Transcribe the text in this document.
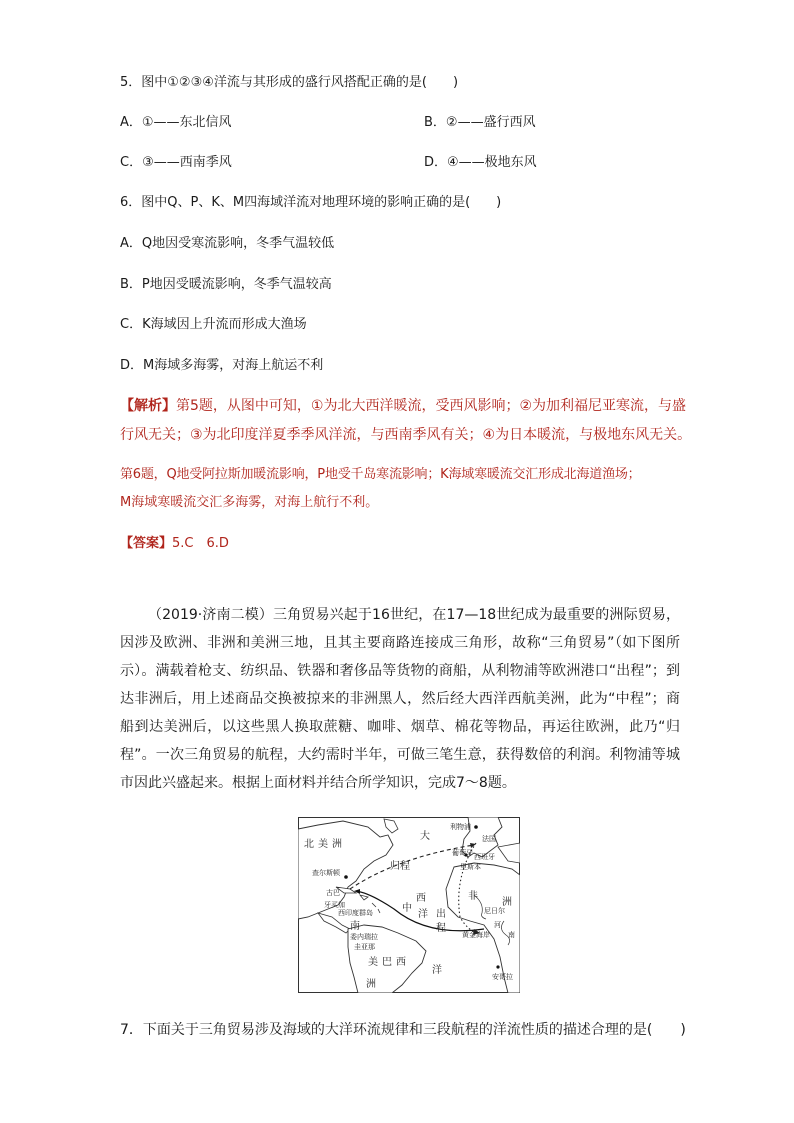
5．图中①②③④洋流与其形成的盛行风搭配正确的是(　　)
A．①——东北信风	B．②——盛行西风
C．③——西南季风	D．④——极地东风
6．图中Q、P、K、M四海域洋流对地理环境的影响正确的是(　　)
A．Q地因受寒流影响，冬季气温较低
B．P地因受暖流影响，冬季气温较高
C．K海域因上升流而形成大渔场
D．M海域多海雾，对海上航运不利
【解析】第5题，从图中可知，①为北大西洋暖流，受西风影响；②为加利福尼亚寒流，与盛
行风无关；③为北印度洋夏季季风洋流，与西南季风有关；④为日本暖流，与极地东风无关。
第6题，Q地受阿拉斯加暖流影响，P地受千岛寒流影响；K海域寒暖流交汇形成北海道渔场；
M海域寒暖流交汇多海雾，对海上航行不利。
【答案】5.C　6.D
（2019·济南二模）三角贸易兴起于16世纪，在17—18世纪成为最重要的洲际贸易，因涉及欧洲、非洲和美洲三地，且其主要商路连接成三角形，故称“三角贸易”（如下图所示）。满载着枪支、纺织品、铁器和奢侈品等货物的商船，从利物浦等欧洲港口“出程”；到达非洲后，用上述商品交换被掠来的非洲黑人，然后经大西洋西航美洲，此为“中程”；商船到达美洲后，以这些黑人换取蔗糖、咖啡、烟草、棉花等物品，再运往欧洲，此乃“归程”。一次三角贸易的航程，大约需时半年，可做三笔生意，获得数倍的利润。利物浦等城市因此兴盛起来。根据上面材料并结合所学知识，完成7～8题。
北 美 洲
大
归程
查尔斯顿
利物浦
法国
葡萄牙 西班牙
里斯本
古巴
牙买加
西印度群岛	中
西
洋 出
程
非
洲
尼日尔
河
黄金海岸	南
委内瑞拉
圭亚那
南
美 巴 西
洲
洋
安哥拉
7．下面关于三角贸易涉及海域的大洋环流规律和三段航程的洋流性质的描述合理的是(　　)
